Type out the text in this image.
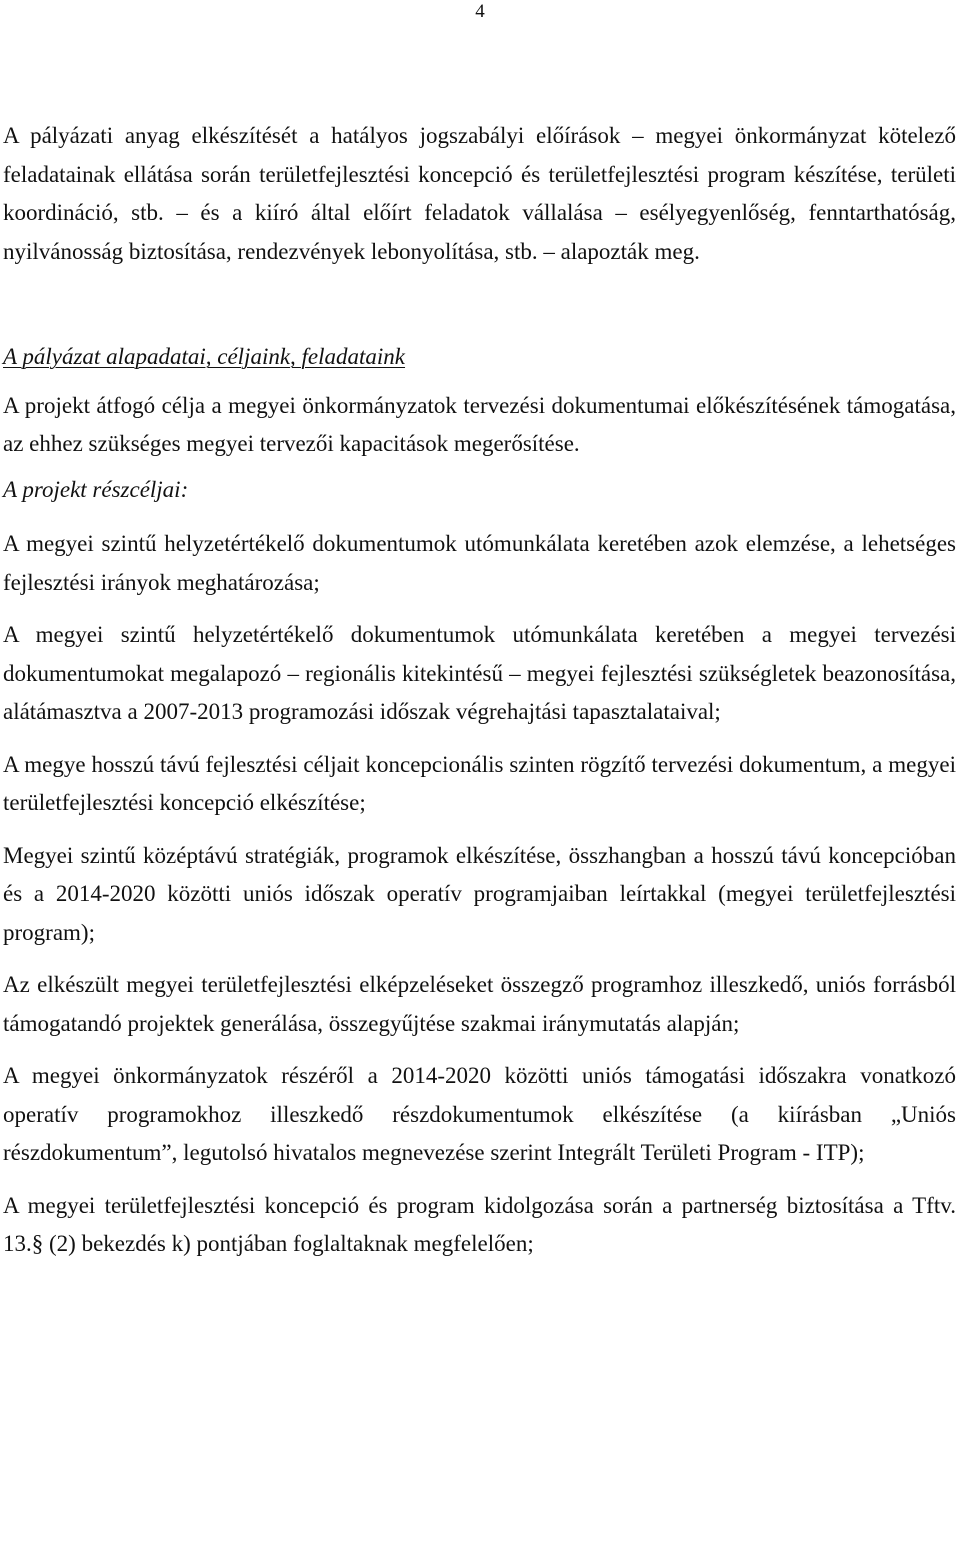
4

A pályázati anyag elkészítését a hatályos jogszabályi előírások – megyei önkormányzat kötelező feladatainak ellátása során területfejlesztési koncepció és területfejlesztési program készítése, területi koordináció, stb. – és a kiíró által előírt feladatok vállalása – esélyegyenlőség, fenntarthatóság, nyilvánosság biztosítása, rendezvények lebonyolítása, stb. – alapozták meg.

A pályázat alapadatai, céljaink, feladataink

A projekt átfogó célja a megyei önkormányzatok tervezési dokumentumai előkészítésének támogatása, az ehhez szükséges megyei tervezői kapacitások megerősítése.

A projekt részcéljai:

A megyei szintű helyzetértékelő dokumentumok utómunkálata keretében azok elemzése, a lehetséges fejlesztési irányok meghatározása;

A megyei szintű helyzetértékelő dokumentumok utómunkálata keretében a megyei tervezési dokumentumokat megalapozó – regionális kitekintésű – megyei fejlesztési szükségletek beazonosítása, alátámasztva a 2007-2013 programozási időszak végrehajtási tapasztalataival;

A megye hosszú távú fejlesztési céljait koncepcionális szinten rögzítő tervezési dokumentum, a megyei területfejlesztési koncepció elkészítése;

Megyei szintű középtávú stratégiák, programok elkészítése, összhangban a hosszú távú koncepcióban és a 2014-2020 közötti uniós időszak operatív programjaiban leírtakkal (megyei területfejlesztési program);

Az elkészült megyei területfejlesztési elképzeléseket összegző programhoz illeszkedő, uniós forrásból támogatandó projektek generálása, összegyűjtése szakmai iránymutatás alapján;

A megyei önkormányzatok részéről a 2014-2020 közötti uniós támogatási időszakra vonatkozó operatív programokhoz illeszkedő részdokumentumok elkészítése (a kiírásban „Uniós részdokumentum”, legutolsó hivatalos megnevezése szerint Integrált Területi Program - ITP);

A megyei területfejlesztési koncepció és program kidolgozása során a partnerség biztosítása a Tftv. 13.§ (2) bekezdés k) pontjában foglaltaknak megfelelően;
